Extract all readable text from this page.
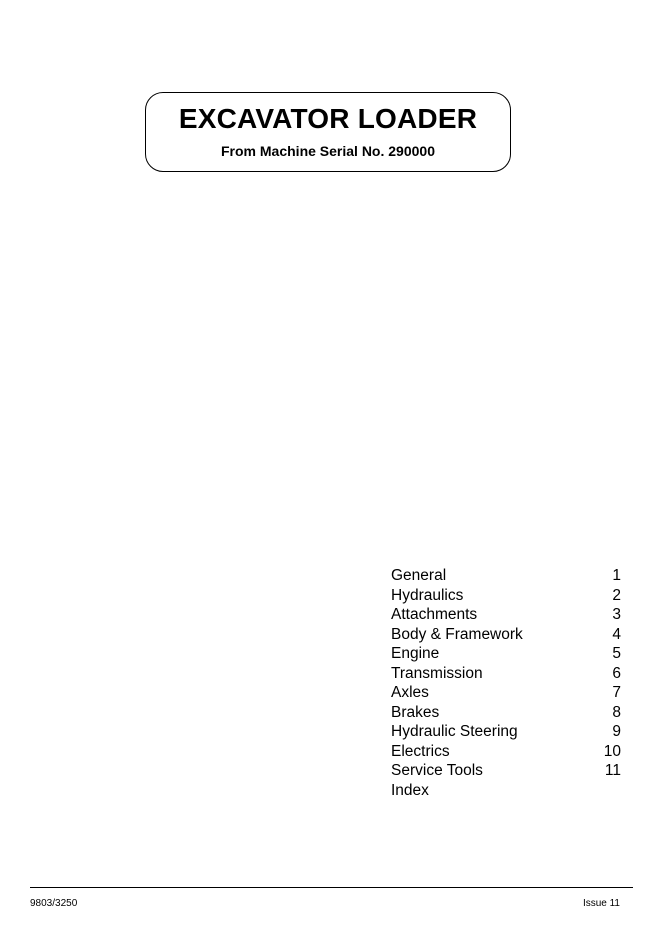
EXCAVATOR LOADER
From Machine Serial No. 290000
General	1
Hydraulics	2
Attachments	3
Body & Framework	4
Engine	5
Transmission	6
Axles	7
Brakes	8
Hydraulic Steering	9
Electrics	10
Service Tools	11
Index
9803/3250	Issue 11
